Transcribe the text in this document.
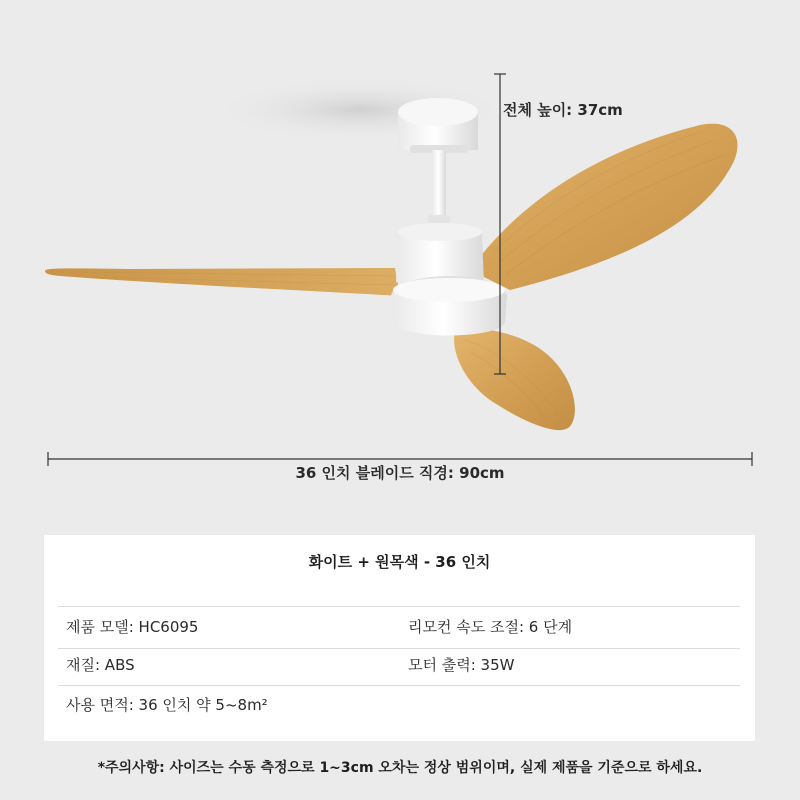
전체 높이: 37cm
36 인치 블레이드 직경: 90cm
화이트 + 원목색 - 36 인치
제품 모델: HC6095	리모컨 속도 조절: 6 단계
재질: ABS	모터 출력: 35W
사용 면적: 36 인치 약 5~8m²
*주의사항: 사이즈는 수동 측정으로 1~3cm 오차는 정상 범위이며, 실제 제품을 기준으로 하세요.
